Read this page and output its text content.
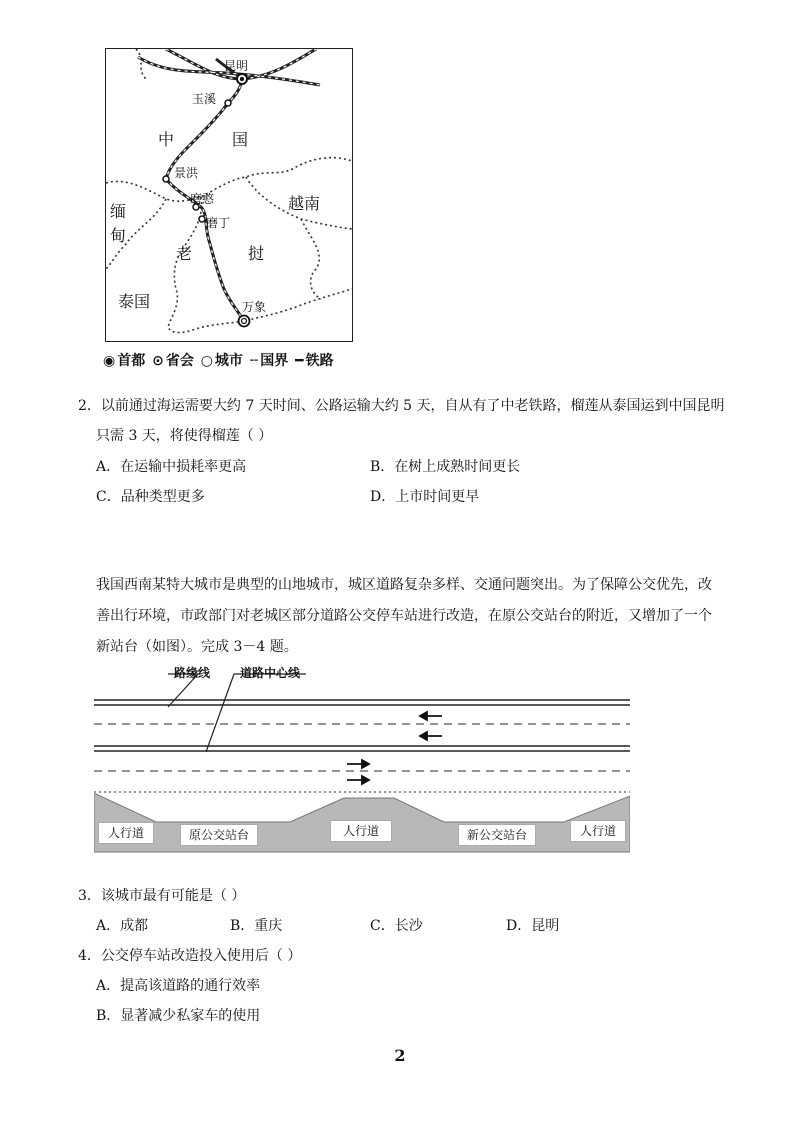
昆明
玉溪
中	国
景洪
磨憨
磨丁
越南
缅
甸
老	挝
泰国	万象
◉ 首都 ⊙ 省会 ○ 城市 ╌ 国界 ━ 铁路
2．以前通过海运需要大约 7 天时间、公路运输大约 5 天，自从有了中老铁路，榴莲从泰国运到中国昆明
只需 3 天，将使得榴莲（ ）
A．在运输中损耗率更高	B．在树上成熟时间更长
C．品种类型更多	D．上市时间更早
我国西南某特大城市是典型的山地城市，城区道路复杂多样、交通问题突出。为了保障公交优先，改
善出行环境，市政部门对老城区部分道路公交停车站进行改造，在原公交站台的附近，又增加了一个
新站台（如图）。完成 3－4 题。
路缘线 道路中心线
人行道	原公交站台	人行道	新公交站台	人行道
3．该城市最有可能是（ ）
A．成都	B．重庆	C．长沙	D．昆明
4．公交停车站改造投入使用后（ ）
A．提高该道路的通行效率
B．显著减少私家车的使用
2
